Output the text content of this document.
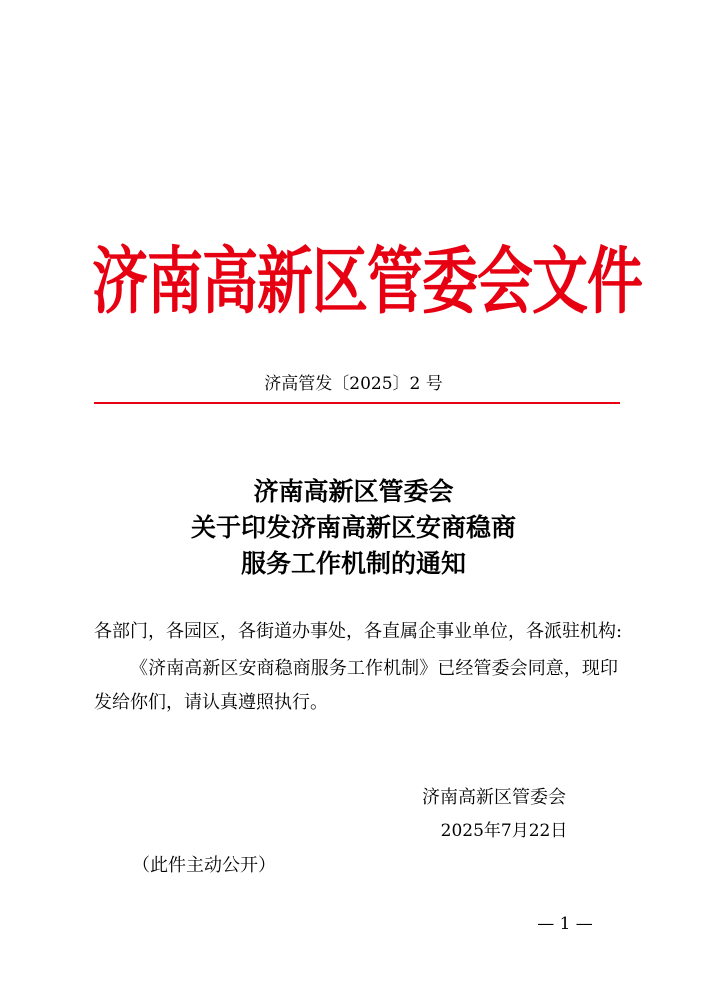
济南高新区管委会文件
济高管发〔2025〕2 号
济南高新区管委会
关于印发济南高新区安商稳商
服务工作机制的通知
各部门，各园区，各街道办事处，各直属企事业单位，各派驻机构:
《济南高新区安商稳商服务工作机制》已经管委会同意，现印发给你们，请认真遵照执行。
济南高新区管委会
2025年7月22日
（此件主动公开）
— 1 —
